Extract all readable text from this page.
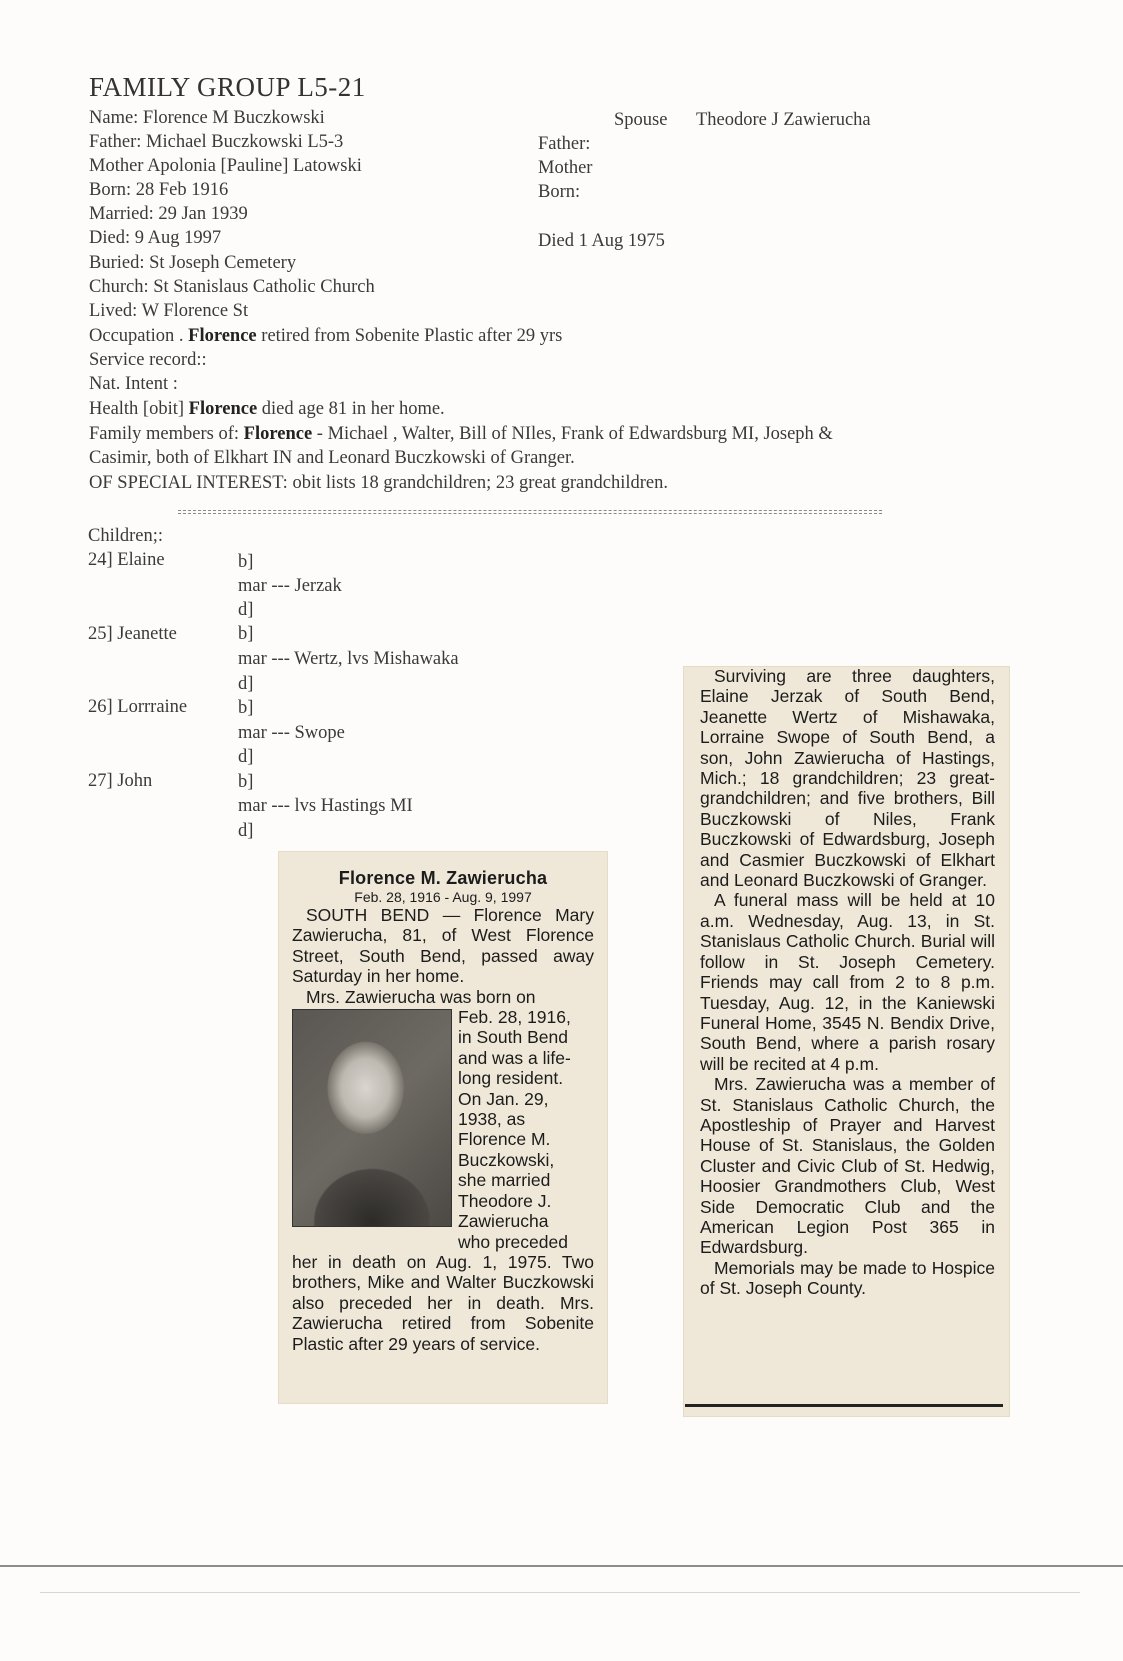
FAMILY GROUP L5-21
Name: Florence M Buczkowski
Father: Michael Buczkowski L5-3
Mother Apolonia [Pauline] Latowski
Born: 28 Feb 1916
Married: 29 Jan 1939
Died: 9 Aug 1997
Buried: St Joseph Cemetery
Church: St Stanislaus Catholic Church
Lived: W Florence St
Occupation . Florence retired from Sobenite Plastic after 29 yrs
Service record::
Nat. Intent :
Health [obit] Florence died age 81 in her home.
Family members of: Florence - Michael , Walter, Bill of NIles, Frank of Edwardsburg MI, Joseph &
Casimir, both of Elkhart IN and Leonard Buczkowski of Granger.
OF SPECIAL INTEREST: obit lists 18 grandchildren; 23 great grandchildren.
Spouse Theodore J Zawierucha
Father:
Mother
Born:
Died 1 Aug 1975
Children;:
24] Elaine	b]
mar --- Jerzak
d]
25] Jeanette	b]
mar --- Wertz, lvs Mishawaka
d]
26] Lorrraine	b]
mar --- Swope
d]
27] John	b]
mar --- lvs Hastings MI
d]

Florence M. Zawierucha

Feb. 28, 1916 - Aug. 9, 1997

SOUTH BEND — Florence Mary Zawierucha, 81, of West Florence Street, South Bend, passed away Saturday in her home.

Mrs. Zawierucha was born on

Feb. 28, 1916,

in South Bend

and was a life-

long resident.

On Jan. 29,

1938, as

Florence M.

Buczkowski,

she married

Theodore J.

Zawierucha

who preceded

her in death on Aug. 1, 1975. Two brothers, Mike and Walter Buczkowski also preceded her in death. Mrs. Zawierucha retired from Sobenite Plastic after 29 years of service.

Surviving are three daughters, Elaine Jerzak of South Bend, Jeanette Wertz of Mishawaka, Lorraine Swope of South Bend, a son, John Zawierucha of Hastings, Mich.; 18 grandchildren; 23 great-grandchildren; and five brothers, Bill Buczkowski of Niles, Frank Buczkowski of Edwardsburg, Joseph and Casmier Buczkowski of Elkhart and Leonard Buczkowski of Granger.

A funeral mass will be held at 10 a.m. Wednesday, Aug. 13, in St. Stanislaus Catholic Church. Burial will follow in St. Joseph Cemetery. Friends may call from 2 to 8 p.m. Tuesday, Aug. 12, in the Kaniewski Funeral Home, 3545 N. Bendix Drive, South Bend, where a parish rosary will be recited at 4 p.m.

Mrs. Zawierucha was a member of St. Stanislaus Catholic Church, the Apostleship of Prayer and Harvest House of St. Stanislaus, the Golden Cluster and Civic Club of St. Hedwig, Hoosier Grandmothers Club, West Side Democratic Club and the American Legion Post 365 in Edwardsburg.

Memorials may be made to Hospice of St. Joseph County.
